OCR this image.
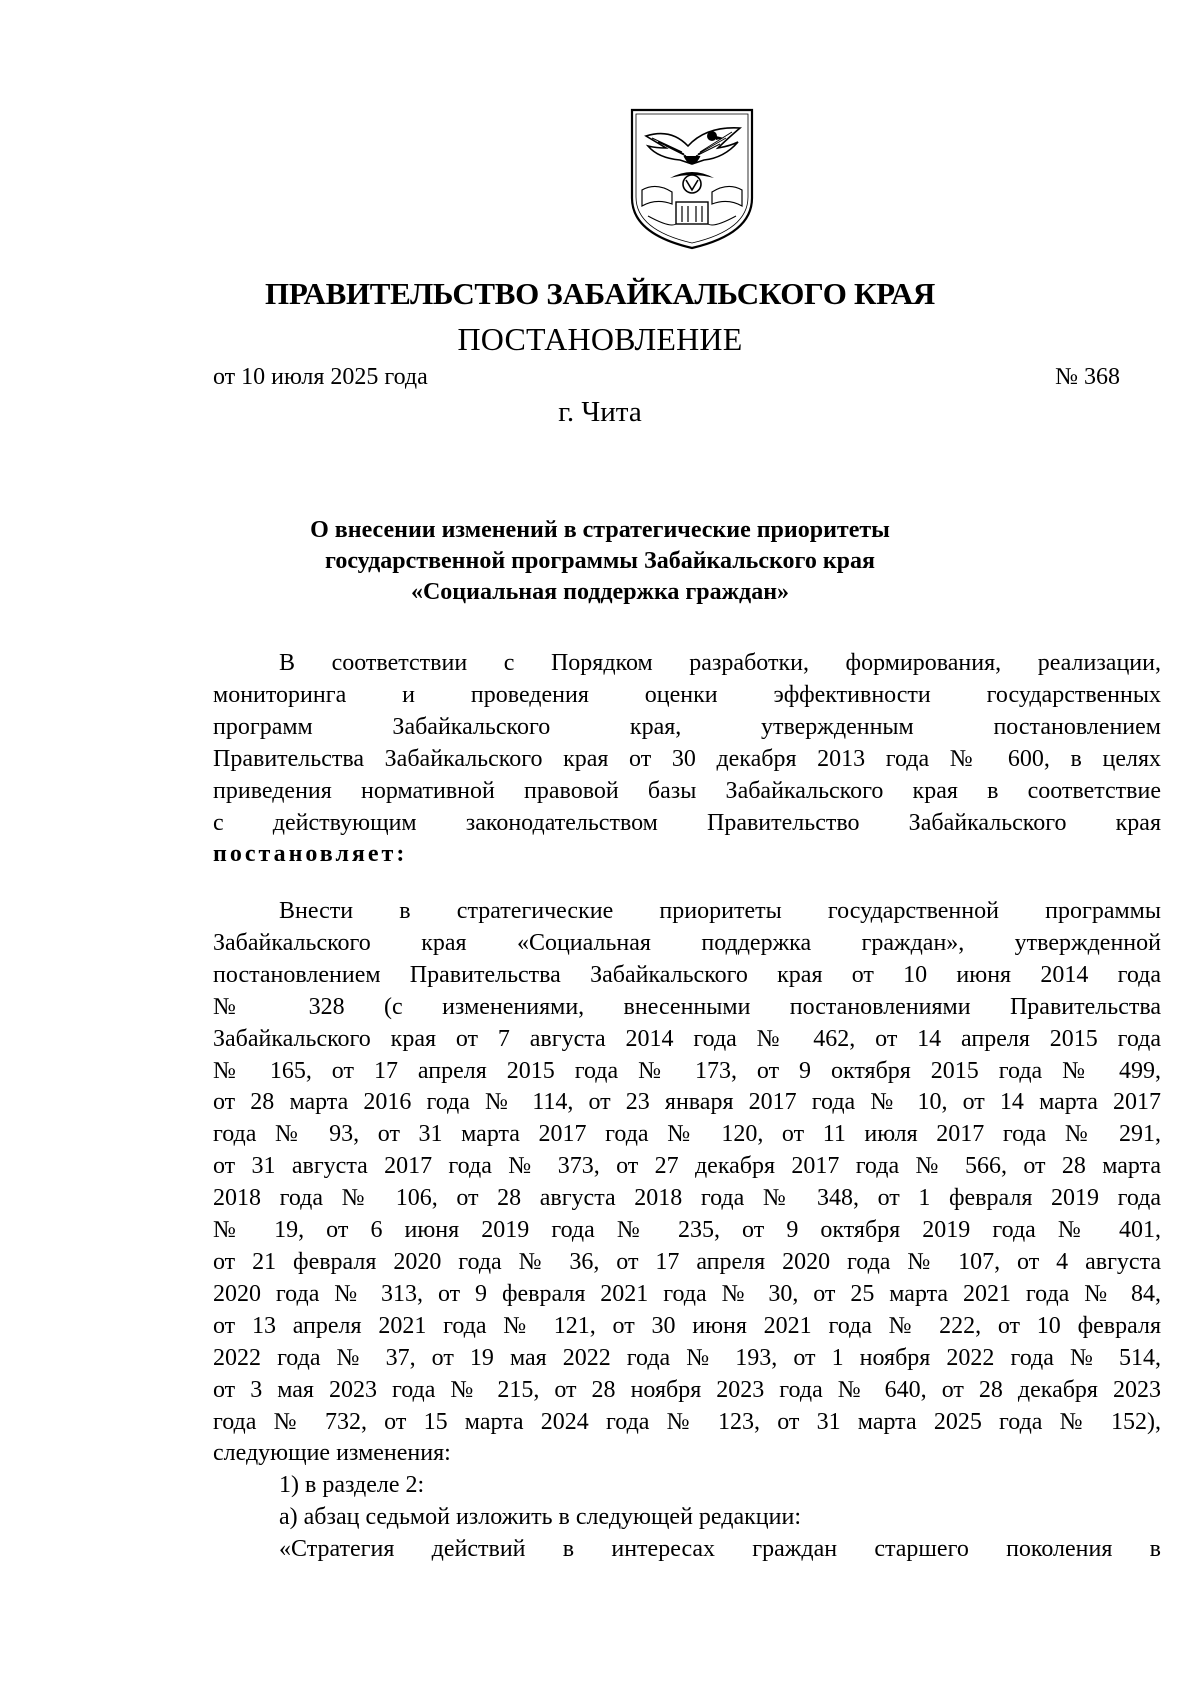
ПРАВИТЕЛЬСТВО ЗАБАЙКАЛЬСКОГО КРАЯ
ПОСТАНОВЛЕНИЕ
от 10 июля 2025 года	№ 368
г. Чита
О внесении изменений в стратегические приоритеты
государственной программы Забайкальского края
«Социальная поддержка граждан»
В соответствии с Порядком разработки, формирования, реализации,
мониторинга и проведения оценки эффективности государственных
программ Забайкальского края, утвержденным постановлением
Правительства Забайкальского края от 30 декабря 2013 года № 600, в целях
приведения нормативной правовой базы Забайкальского края в соответствие
с действующим законодательством Правительство Забайкальского края
постановляет:
Внести в стратегические приоритеты государственной программы
Забайкальского края «Социальная поддержка граждан», утвержденной
постановлением Правительства Забайкальского края от 10 июня 2014 года
№ 328 (с изменениями, внесенными постановлениями Правительства
Забайкальского края от 7 августа 2014 года № 462, от 14 апреля 2015 года
№ 165, от 17 апреля 2015 года № 173, от 9 октября 2015 года № 499,
от 28 марта 2016 года № 114, от 23 января 2017 года № 10, от 14 марта 2017
года № 93, от 31 марта 2017 года № 120, от 11 июля 2017 года № 291,
от 31 августа 2017 года № 373, от 27 декабря 2017 года № 566, от 28 марта
2018 года № 106, от 28 августа 2018 года № 348, от 1 февраля 2019 года
№ 19, от 6 июня 2019 года № 235, от 9 октября 2019 года № 401,
от 21 февраля 2020 года № 36, от 17 апреля 2020 года № 107, от 4 августа
2020 года № 313, от 9 февраля 2021 года № 30, от 25 марта 2021 года № 84,
от 13 апреля 2021 года № 121, от 30 июня 2021 года № 222, от 10 февраля
2022 года № 37, от 19 мая 2022 года № 193, от 1 ноября 2022 года № 514,
от 3 мая 2023 года № 215, от 28 ноября 2023 года № 640, от 28 декабря 2023
года № 732, от 15 марта 2024 года № 123, от 31 марта 2025 года № 152),
следующие изменения:
1) в разделе 2:
а) абзац седьмой изложить в следующей редакции:
«Стратегия действий в интересах граждан старшего поколения в
